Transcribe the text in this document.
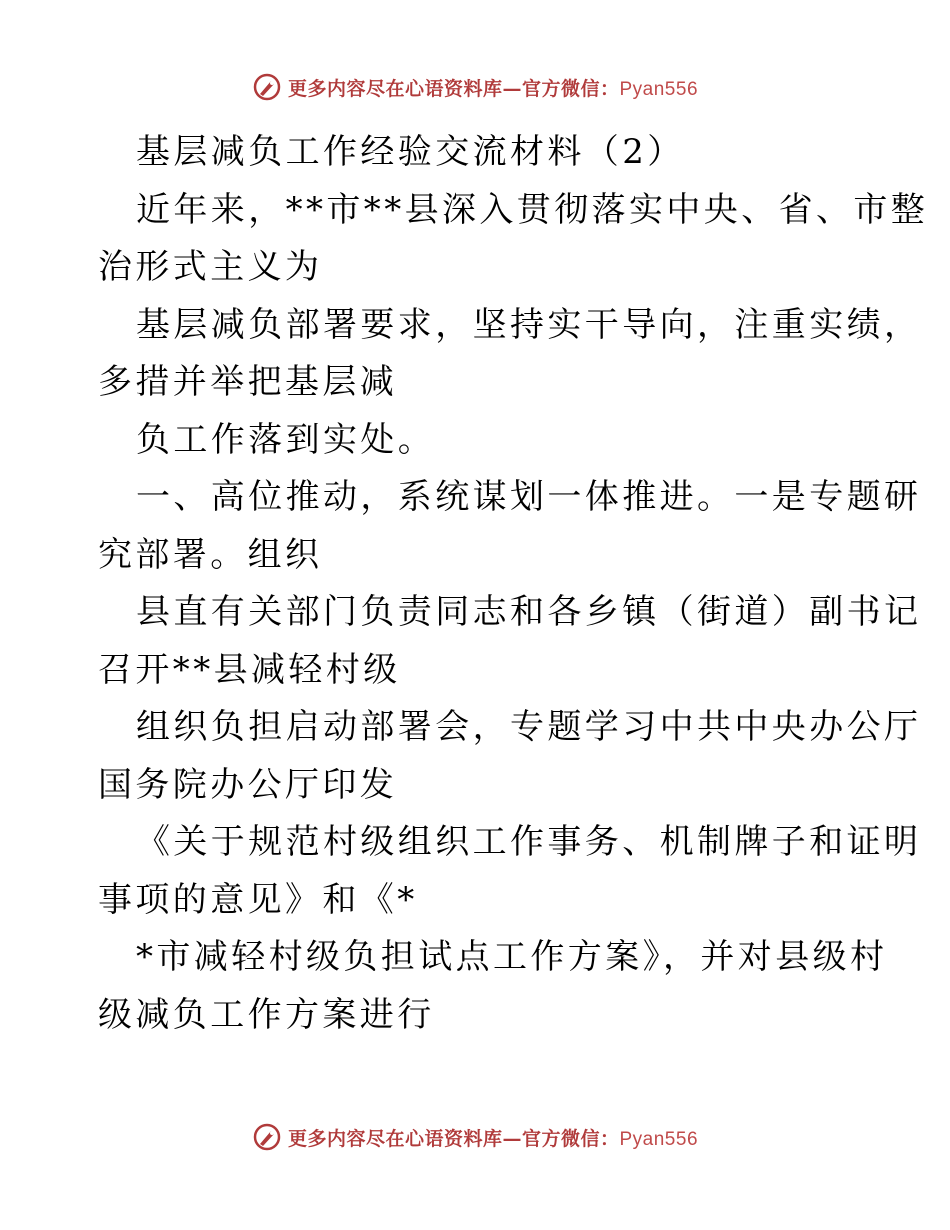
更多内容尽在心语资料库—官方微信：Pyan556
基层减负工作经验交流材料（2）
近年来，**市**县深入贯彻落实中央、省、市整
治形式主义为
基层减负部署要求，坚持实干导向，注重实绩，
多措并举把基层减
负工作落到实处。
一、高位推动，系统谋划一体推进。一是专题研
究部署。组织
县直有关部门负责同志和各乡镇（街道）副书记
召开**县减轻村级
组织负担启动部署会，专题学习中共中央办公厅
国务院办公厅印发
《关于规范村级组织工作事务、机制牌子和证明
事项的意见》和《*
*市减轻村级负担试点工作方案》，并对县级村
级减负工作方案进行
更多内容尽在心语资料库—官方微信：Pyan556
